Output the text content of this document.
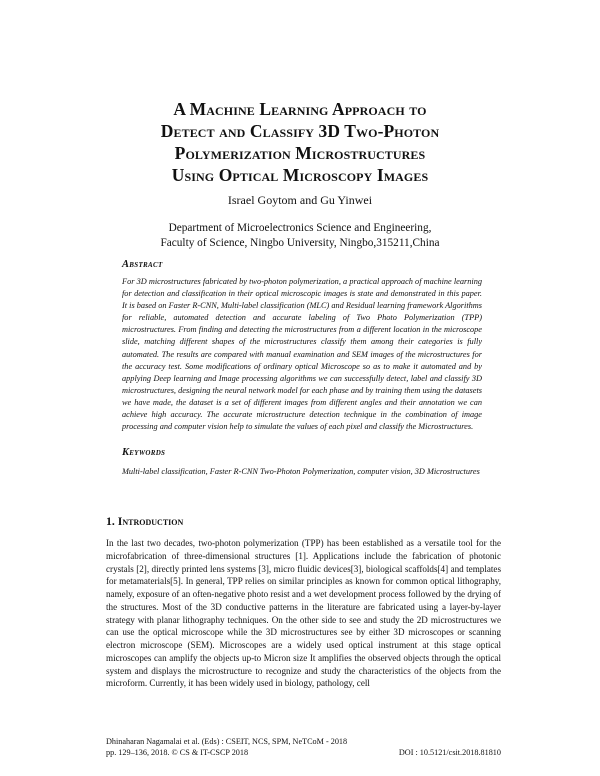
A Machine Learning Approach to
Detect and Classify 3D Two-Photon
Polymerization Microstructures
Using Optical Microscopy Images
Israel Goytom and Gu Yinwei
Department of Microelectronics Science and Engineering,
Faculty of Science, Ningbo University, Ningbo,315211,China
Abstract
For 3D microstructures fabricated by two-photon polymerization, a practical approach of machine learning for detection and classification in their optical microscopic images is state and demonstrated in this paper. It is based on Faster R-CNN, Multi-label classification (MLC) and Residual learning framework Algorithms for reliable, automated detection and accurate labeling of Two Photo Polymerization (TPP) microstructures. From finding and detecting the microstructures from a different location in the microscope slide, matching different shapes of the microstructures classify them among their categories is fully automated. The results are compared with manual examination and SEM images of the microstructures for the accuracy test. Some modifications of ordinary optical Microscope so as to make it automated and by applying Deep learning and Image processing algorithms we can successfully detect, label and classify 3D microstructures, designing the neural network model for each phase and by training them using the datasets we have made, the dataset is a set of different images from different angles and their annotation we can achieve high accuracy. The accurate microstructure detection technique in the combination of image processing and computer vision help to simulate the values of each pixel and classify the Microstructures.
Keywords
Multi-label classification, Faster R-CNN Two-Photon Polymerization, computer vision, 3D Microstructures
1. Introduction
In the last two decades, two-photon polymerization (TPP) has been established as a versatile tool for the microfabrication of three-dimensional structures [1]. Applications include the fabrication of photonic crystals [2], directly printed lens systems [3], micro fluidic devices[3], biological scaffolds[4] and templates for metamaterials[5]. In general, TPP relies on similar principles as known for common optical lithography, namely, exposure of an often-negative photo resist and a wet development process followed by the drying of the structures. Most of the 3D conductive patterns in the literature are fabricated using a layer-by-layer strategy with planar lithography techniques. On the other side to see and study the 2D microstructures we can use the optical microscope while the 3D microstructures see by either 3D microscopes or scanning electron microscope (SEM). Microscopes are a widely used optical instrument at this stage optical microscopes can amplify the objects up-to Micron size It amplifies the observed objects through the optical system and displays the microstructure to recognize and study the characteristics of the objects from the microform. Currently, it has been widely used in biology, pathology, cell
Dhinaharan Nagamalai et al. (Eds) : CSEIT, NCS, SPM, NeTCoM - 2018
pp. 129–136, 2018. © CS & IT-CSCP 2018	DOI : 10.5121/csit.2018.81810
